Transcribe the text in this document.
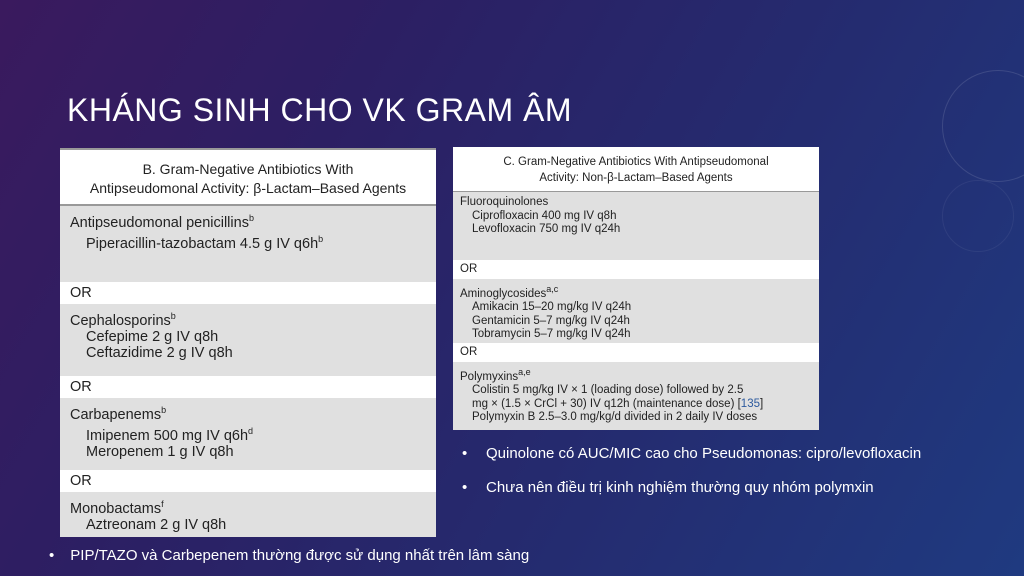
KHÁNG SINH CHO VK GRAM ÂM
B. Gram-Negative Antibiotics With
Antipseudomonal Activity: β-Lactam–Based Agents
Antipseudomonal penicillins$^b$
Piperacillin-tazobactam 4.5 g IV $q6h^b$
OR
Cephalosporins$^b$
Cefepime 2 g IV q8h
Ceftazidime 2 g IV q8h
OR
Carbapenems$^b$
Imipenem 500 mg IV $q6h^d$
Meropenem 1 g IV q8h
OR
Monobactams$^f$
Aztreonam 2 g IV q8h
C. Gram-Negative Antibiotics With Antipseudomonal
Activity: Non-β-Lactam–Based Agents
Fluoroquinolones
Ciprofloxacin 400 mg IV q8h
Levofloxacin 750 mg IV q24h
OR
Aminoglycosides$^{a,c}$
Amikacin 15–20 mg/kg IV q24h
Gentamicin 5–7 mg/kg IV q24h
Tobramycin 5–7 mg/kg IV q24h
OR
Polymyxins$^{a,e}$
Colistin 5 mg/kg IV × 1 (loading dose) followed by 2.5
mg × (1.5 × CrCl + 30) IV q12h (maintenance dose) [135]
Polymyxin B 2.5–3.0 mg/kg/d divided in 2 daily IV doses
• Quinolone có AUC/MIC cao cho Pseudomonas: cipro/levofloxacin
• Chưa nên điều trị kinh nghiệm thường quy nhóm polymxin
• PIP/TAZO và Carbepenem thường được sử dụng nhất trên lâm sàng
